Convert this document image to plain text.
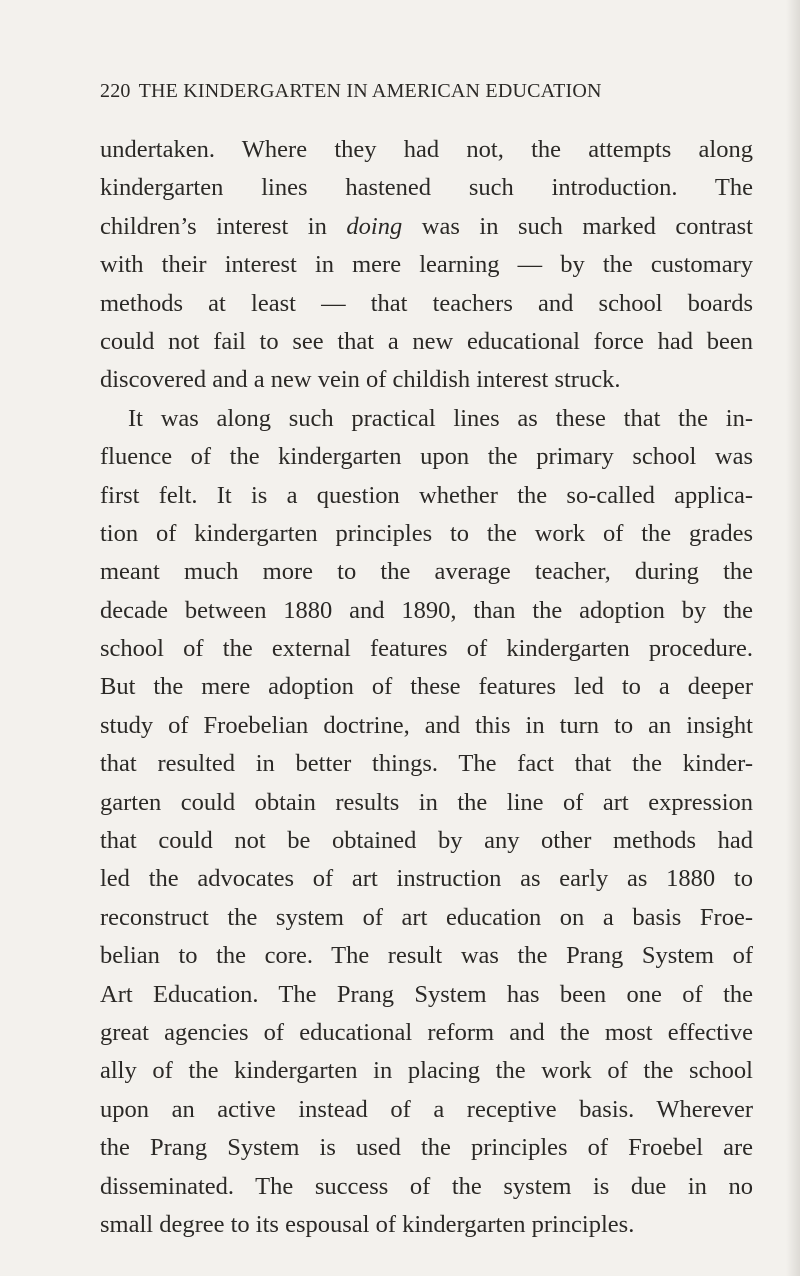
220 THE KINDERGARTEN IN AMERICAN EDUCATION

undertaken. Where they had not, the attempts along
kindergarten lines hastened such introduction. The
children’s interest in doing was in such marked contrast
with their interest in mere learning — by the customary
methods at least — that teachers and school boards
could not fail to see that a new educational force had been
discovered and a new vein of childish interest struck.

It was along such practical lines as these that the in-
fluence of the kindergarten upon the primary school was
first felt. It is a question whether the so-called applica-
tion of kindergarten principles to the work of the grades
meant much more to the average teacher, during the
decade between 1880 and 1890, than the adoption by the
school of the external features of kindergarten procedure.
But the mere adoption of these features led to a deeper
study of Froebelian doctrine, and this in turn to an insight
that resulted in better things. The fact that the kinder-
garten could obtain results in the line of art expression
that could not be obtained by any other methods had
led the advocates of art instruction as early as 1880 to
reconstruct the system of art education on a basis Froe-
belian to the core. The result was the Prang System of
Art Education. The Prang System has been one of the
great agencies of educational reform and the most effective
ally of the kindergarten in placing the work of the school
upon an active instead of a receptive basis. Wherever
the Prang System is used the principles of Froebel are
disseminated. The success of the system is due in no
small degree to its espousal of kindergarten principles.
